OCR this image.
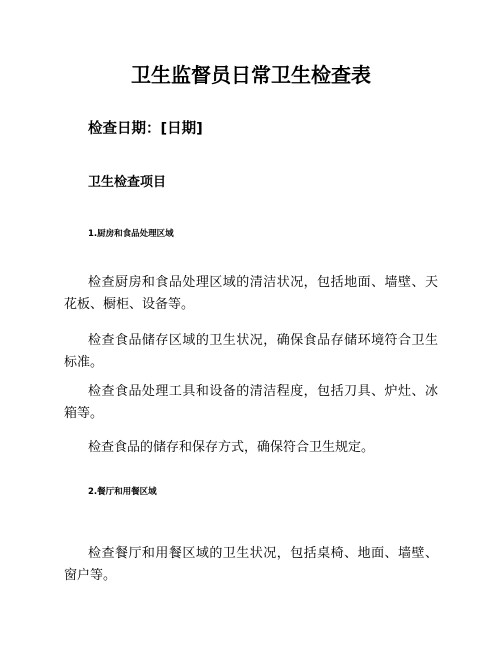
卫生监督员日常卫生检查表

检查日期：[日期]

卫生检查项目

1.厨房和食品处理区域

检查厨房和食品处理区域的清洁状况，包括地面、墙壁、天花板、橱柜、设备等。

检查食品储存区域的卫生状况，确保食品存储环境符合卫生标准。

检查食品处理工具和设备的清洁程度，包括刀具、炉灶、冰箱等。

检查食品的储存和保存方式，确保符合卫生规定。

2.餐厅和用餐区域

检查餐厅和用餐区域的卫生状况，包括桌椅、地面、墙壁、窗户等。
